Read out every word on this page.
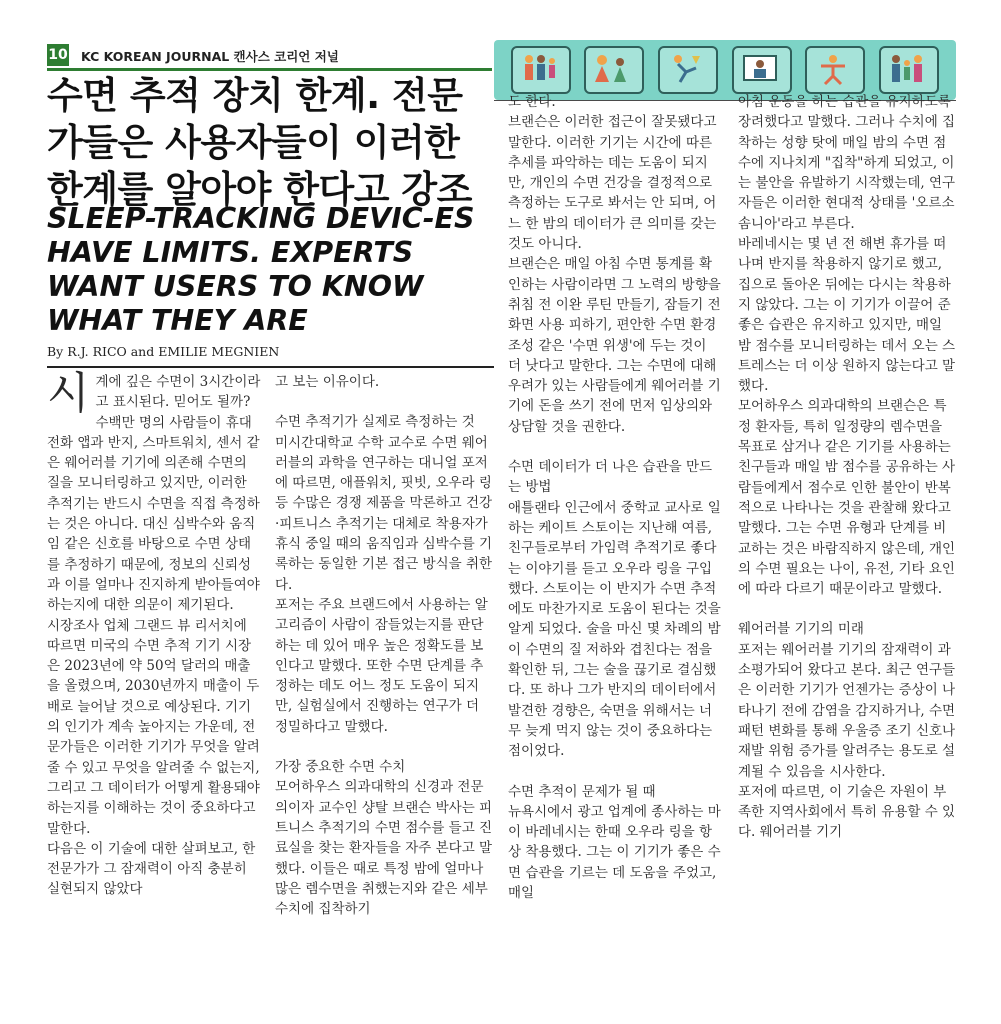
10 KC KOREAN JOURNAL 캔사스 코리언 저널
수면 추적 장치 한계. 전문가들은 사용자들이 이러한 한계를 알아야 한다고 강조
SLEEP-TRACKING DEVIC-ES HAVE LIMITS. EXPERTS WANT USERS TO KNOW WHAT THEY ARE
By R.J. RICO and EMILIE MEGNIEN

시계에 깊은 수면이 3시간이라고 표시된다. 믿어도 될까?

수백만 명의 사람들이 휴대전화 앱과 반지, 스마트워치, 센서 같은 웨어러블 기기에 의존해 수면의 질을 모니터링하고 있지만, 이러한 추적기는 반드시 수면을 직접 측정하는 것은 아니다. 대신 심박수와 움직임 같은 신호를 바탕으로 수면 상태를 추정하기 때문에, 정보의 신뢰성과 이를 얼마나 진지하게 받아들여야 하는지에 대한 의문이 제기된다.

시장조사 업체 그랜드 뷰 리서치에 따르면 미국의 수면 추적 기기 시장은 2023년에 약 50억 달러의 매출을 올렸으며, 2030년까지 매출이 두 배로 늘어날 것으로 예상된다. 기기의 인기가 계속 높아지는 가운데, 전문가들은 이러한 기기가 무엇을 알려줄 수 있고 무엇을 알려줄 수 없는지, 그리고 그 데이터가 어떻게 활용돼야 하는지를 이해하는 것이 중요하다고 말한다.

다음은 이 기술에 대한 살펴보고, 한 전문가가 그 잠재력이 아직 충분히 실현되지 않았다

고 보는 이유이다.

수면 추적기가 실제로 측정하는 것

미시간대학교 수학 교수로 수면 웨어러블의 과학을 연구하는 대니얼 포저에 따르면, 애플워치, 핏빗, 오우라 링 등 수많은 경쟁 제품을 막론하고 건강·피트니스 추적기는 대체로 착용자가 휴식 중일 때의 움직임과 심박수를 기록하는 동일한 기본 접근 방식을 취한다.

포저는 주요 브랜드에서 사용하는 알고리즘이 사람이 잠들었는지를 판단하는 데 있어 매우 높은 정확도를 보인다고 말했다. 또한 수면 단계를 추정하는 데도 어느 정도 도움이 되지만, 실험실에서 진행하는 연구가 더 정밀하다고 말했다.

가장 중요한 수면 수치

모어하우스 의과대학의 신경과 전문의이자 교수인 샹탈 브랜슨 박사는 피트니스 추적기의 수면 점수를 들고 진료실을 찾는 환자들을 자주 본다고 말했다. 이들은 때로 특정 밤에 얼마나 많은 렘수면을 취했는지와 같은 세부 수치에 집착하기

도 한다.

브랜슨은 이러한 접근이 잘못됐다고 말한다. 이러한 기기는 시간에 따른 추세를 파악하는 데는 도움이 되지만, 개인의 수면 건강을 결정적으로 측정하는 도구로 봐서는 안 되며, 어느 한 밤의 데이터가 큰 의미를 갖는 것도 아니다.

브랜슨은 매일 아침 수면 통계를 확인하는 사람이라면 그 노력의 방향을 취침 전 이완 루틴 만들기, 잠들기 전 화면 사용 피하기, 편안한 수면 환경 조성 같은 '수면 위생'에 두는 것이 더 낫다고 말한다. 그는 수면에 대해 우려가 있는 사람들에게 웨어러블 기기에 돈을 쓰기 전에 먼저 임상의와 상담할 것을 권한다.

수면 데이터가 더 나은 습관을 만드는 방법

애틀랜타 인근에서 중학교 교사로 일하는 케이트 스토이는 지난해 여름, 친구들로부터 가임력 추적기로 좋다는 이야기를 듣고 오우라 링을 구입했다. 스토이는 이 반지가 수면 추적에도 마찬가지로 도움이 된다는 것을 알게 되었다. 술을 마신 몇 차례의 밤이 수면의 질 저하와 겹친다는 점을 확인한 뒤, 그는 술을 끊기로 결심했다. 또 하나 그가 반지의 데이터에서 발견한 경향은, 숙면을 위해서는 너무 늦게 먹지 않는 것이 중요하다는 점이었다.

수면 추적이 문제가 될 때

뉴욕시에서 광고 업계에 종사하는 마이 바레네시는 한때 오우라 링을 항상 착용했다. 그는 이 기기가 좋은 수면 습관을 기르는 데 도움을 주었고, 매일

아침 운동을 하는 습관을 유지하도록 장려했다고 말했다. 그러나 수치에 집착하는 성향 탓에 매일 밤의 수면 점수에 지나치게 "집착"하게 되었고, 이는 불안을 유발하기 시작했는데, 연구자들은 이러한 현대적 상태를 '오르소솜니아'라고 부른다.

바레네시는 몇 년 전 해변 휴가를 떠나며 반지를 착용하지 않기로 했고, 집으로 돌아온 뒤에는 다시는 착용하지 않았다. 그는 이 기기가 이끌어 준 좋은 습관은 유지하고 있지만, 매일 밤 점수를 모니터링하는 데서 오는 스트레스는 더 이상 원하지 않는다고 말했다.

모어하우스 의과대학의 브랜슨은 특정 환자들, 특히 일정량의 렘수면을 목표로 삼거나 같은 기기를 사용하는 친구들과 매일 밤 점수를 공유하는 사람들에게서 점수로 인한 불안이 반복적으로 나타나는 것을 관찰해 왔다고 말했다. 그는 수면 유형과 단계를 비교하는 것은 바람직하지 않은데, 개인의 수면 필요는 나이, 유전, 기타 요인에 따라 다르기 때문이라고 말했다.

웨어러블 기기의 미래

포저는 웨어러블 기기의 잠재력이 과소평가되어 왔다고 본다. 최근 연구들은 이러한 기기가 언젠가는 증상이 나타나기 전에 감염을 감지하거나, 수면 패턴 변화를 통해 우울증 조기 신호나 재발 위험 증가를 알려주는 용도로 설계될 수 있음을 시사한다.

포저에 따르면, 이 기술은 자원이 부족한 지역사회에서 특히 유용할 수 있다. 웨어러블 기기
